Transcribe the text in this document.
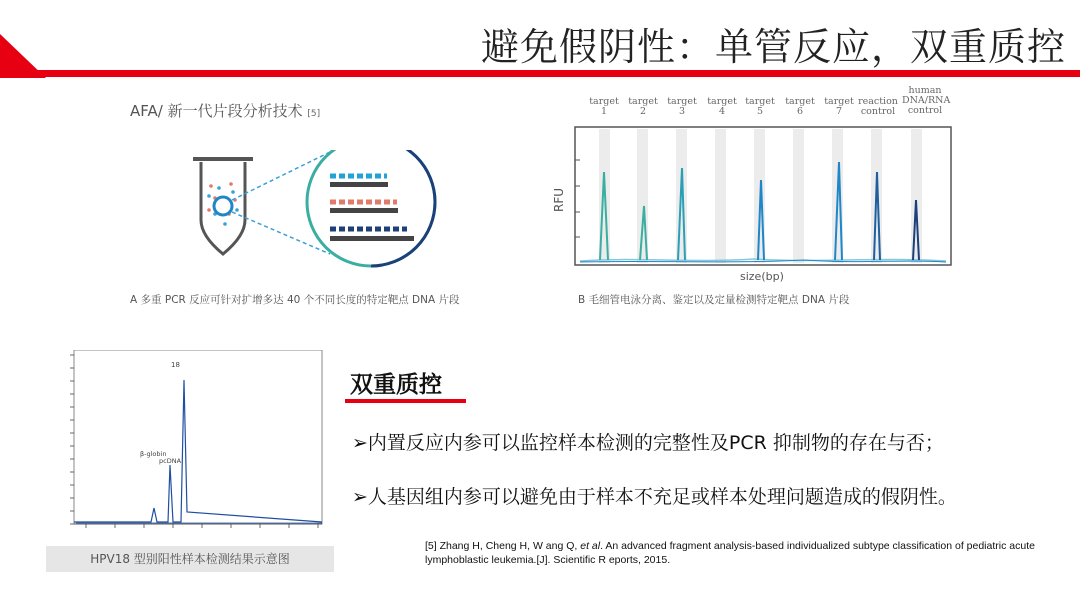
避免假阴性：单管反应，双重质控
AFA/ 新一代片段分析技术 [5]
A 多重 PCR 反应可针对扩增多达 40 个不同长度的特定靶点 DNA 片段
target
1
target
2
target
3
target
4
target
5
target
6
target
7
reaction
control
human DNA/RNA
control
RFU
size(bp)
B 毛细管电泳分离、鉴定以及定量检测特定靶点 DNA 片段
18
β-globin
pcDNA
HPV18 型别阳性样本检测结果示意图
双重质控
➢内置反应内参可以监控样本检测的完整性及PCR 抑制物的存在与否；
➢人基因组内参可以避免由于样本不充足或样本处理问题造成的假阴性。
[5] Zhang H, Cheng H, W ang Q, et al. An advanced fragment analysis-based individualized subtype classification of pediatric acute lymphoblastic leukemia.[J]. Scientific R eports, 2015.
